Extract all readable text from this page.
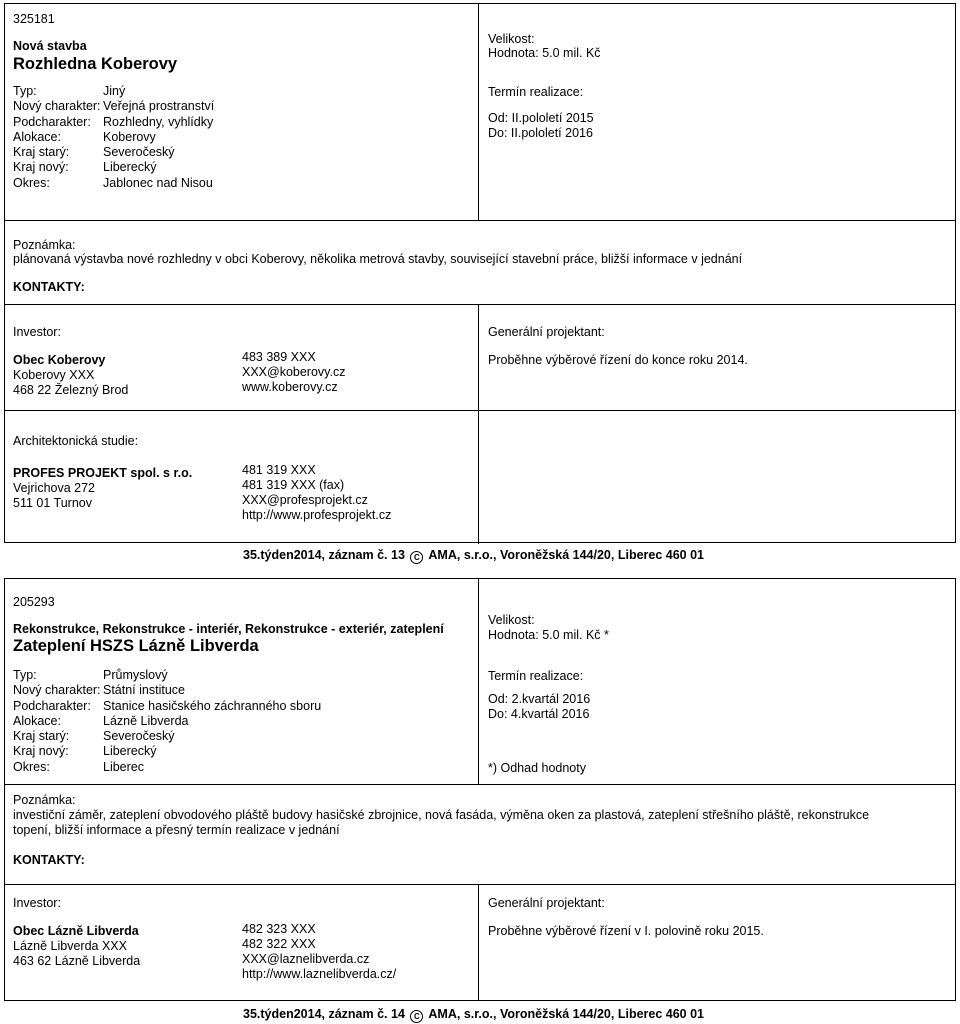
325181
Nová stavba
Rozhledna Koberovy
Typ:	Jiný
Nový charakter: Veřejná prostranství
Podcharakter: Rozhledny, vyhlídky
Alokace:	Koberovy
Kraj starý:	Severočeský
Kraj nový:	Liberecký
Okres:	Jablonec nad Nisou
Velikost:
Hodnota: 5.0 mil. Kč
Termín realizace:
Od: II.pololetí 2015
Do: II.pololetí 2016
Poznámka:
plánovaná výstavba nové rozhledny v obci Koberovy, několika metrová stavby, související stavební práce, bližší informace v jednání
KONTAKTY:
Investor:
Obec Koberovy
Koberovy XXX
468 22 Železný Brod
483 389 XXX
XXX@koberovy.cz
www.koberovy.cz
Generální projektant:
Proběhne výběrové řízení do konce roku 2014.
Architektonická studie:
PROFES PROJEKT spol. s r.o.
Vejrichova 272
511 01 Turnov
481 319 XXX
481 319 XXX (fax)
XXX@profesprojekt.cz
http://www.profesprojekt.cz
35.týden2014, záznam č. 13 C AMA, s.r.o., Voroněžská 144/20, Liberec 460 01
205293
Rekonstrukce, Rekonstrukce - interiér, Rekonstrukce - exteriér, zateplení
Zateplení HSZS Lázně Libverda
Typ:	Průmyslový
Nový charakter: Státní instituce
Podcharakter: Stanice hasičského záchranného sboru
Alokace:	Lázně Libverda
Kraj starý:	Severočeský
Kraj nový:	Liberecký
Okres:	Liberec
Velikost:
Hodnota: 5.0 mil. Kč *
Termín realizace:
Od: 2.kvartál 2016
Do: 4.kvartál 2016
*) Odhad hodnoty
Poznámka:
investiční záměr, zateplení obvodového pláště budovy hasičské zbrojnice, nová fasáda, výměna oken za plastová, zateplení střešního pláště, rekonstrukce
topení, bližší informace a přesný termín realizace v jednání
KONTAKTY:
Investor:
Obec Lázně Libverda
Lázně Libverda XXX
463 62 Lázně Libverda
482 323 XXX
482 322 XXX
XXX@laznelibverda.cz
http://www.laznelibverda.cz/
Generální projektant:
Proběhne výběrové řízení v I. polovině roku 2015.
35.týden2014, záznam č. 14 C AMA, s.r.o., Voroněžská 144/20, Liberec 460 01
